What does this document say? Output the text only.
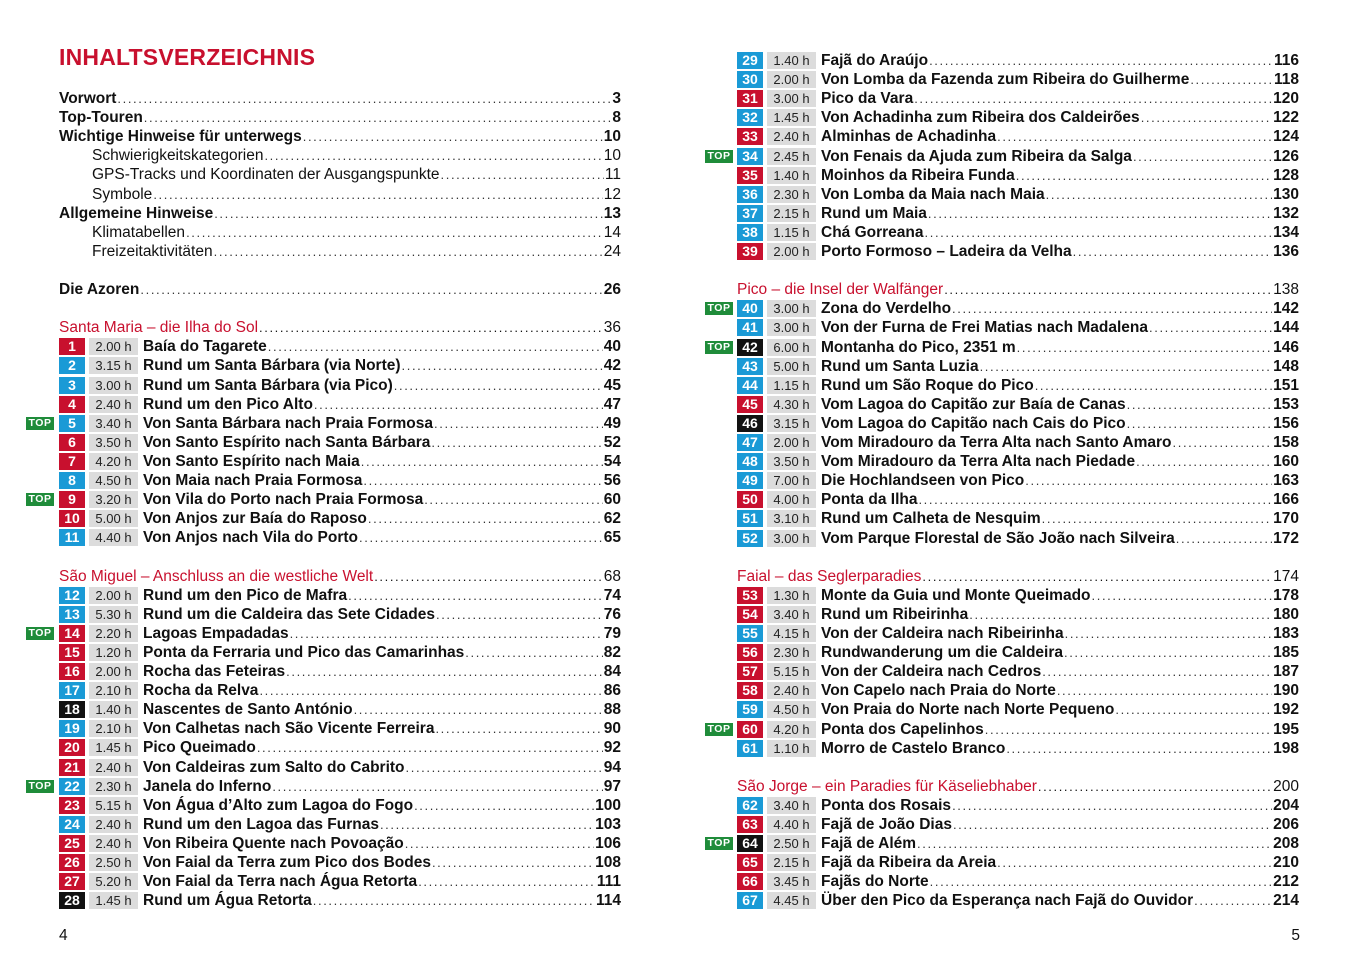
INHALTSVERZEICHNIS
Vorwort .....	3
Top-Touren .....	8
Wichtige Hinweise für unterwegs .....	10
Schwierigkeitskategorien .....	10
GPS-Tracks und Koordinaten der Ausgangspunkte .....	11
Symbole .....	12
Allgemeine Hinweise .....	13
Klimatabellen .....	14
Freizeitaktivitäten .....	24
Die Azoren .....	26
Santa Maria – die Ilha do Sol .....	36
1	2.00 h Baía do Tagarete .....	40
2	3.15 h Rund um Santa Bárbara (via Norte) .....	42
3	3.00 h Rund um Santa Bárbara (via Pico) .....	45
4	2.40 h Rund um den Pico Alto .....	47
TOP	5	3.40 h Von Santa Bárbara nach Praia Formosa .....	49
6	3.50 h Von Santo Espírito nach Santa Bárbara .....	52
7	4.20 h Von Santo Espírito nach Maia .....	54
8	4.50 h Von Maia nach Praia Formosa .....	56
TOP	9	3.20 h Von Vila do Porto nach Praia Formosa .....	60
10	5.00 h Von Anjos zur Baía do Raposo .....	62
11	4.40 h Von Anjos nach Vila do Porto .....	65
São Miguel – Anschluss an die westliche Welt .....	68
12	2.00 h Rund um den Pico de Mafra .....	74
13	5.30 h Rund um die Caldeira das Sete Cidades .....	76
TOP 14	2.20 h Lagoas Empadadas .....	79
15	1.20 h Ponta da Ferraria und Pico das Camarinhas .....	82
16	2.00 h Rocha das Feteiras .....	84
17	2.10 h Rocha da Relva .....	86
18	1.40 h Nascentes de Santo António .....	88
19	2.10 h Von Calhetas nach São Vicente Ferreira .....	90
20	1.45 h Pico Queimado .....	92
21	2.40 h Von Caldeiras zum Salto do Cabrito .....	94
TOP 22	2.30 h Janela do Inferno .....	97
23	5.15 h Von Água d’Alto zum Lagoa do Fogo .....	100
24	2.40 h Rund um den Lagoa das Furnas .....	103
25	2.40 h Von Ribeira Quente nach Povoação .....	106
26	2.50 h Von Faial da Terra zum Pico dos Bodes .....	108
27	5.20 h Von Faial da Terra nach Água Retorta .....	111
28	1.45 h Rund um Água Retorta .....	114
4
29	1.40 h Fajã do Araújo .....	116
30	2.00 h Von Lomba da Fazenda zum Ribeira do Guilherme .....	118
31	3.00 h Pico da Vara .....	120
32	1.45 h Von Achadinha zum Ribeira dos Caldeirões .....	122
33	2.40 h Alminhas de Achadinha .....	124
TOP 34	2.45 h Von Fenais da Ajuda zum Ribeira da Salga .....	126
35	1.40 h Moinhos da Ribeira Funda .....	128
36	2.30 h Von Lomba da Maia nach Maia .....	130
37	2.15 h Rund um Maia .....	132
38	1.15 h Chá Gorreana .....	134
39	2.00 h Porto Formoso – Ladeira da Velha .....	136
Pico – die Insel der Walfänger .....	138
TOP 40	3.00 h Zona do Verdelho .....	142
41	3.00 h Von der Furna de Frei Matias nach Madalena .....	144
TOP 42	6.00 h Montanha do Pico, 2351 m .....	146
43	5.00 h Rund um Santa Luzia .....	148
44	1.15 h Rund um São Roque do Pico .....	151
45	4.30 h Vom Lagoa do Capitão zur Baía de Canas .....	153
46	3.15 h Vom Lagoa do Capitão nach Cais do Pico .....	156
47	2.00 h Vom Miradouro da Terra Alta nach Santo Amaro .....	158
48	3.50 h Vom Miradouro da Terra Alta nach Piedade .....	160
49	7.00 h Die Hochlandseen von Pico .....	163
50	4.00 h Ponta da Ilha .....	166
51	3.10 h Rund um Calheta de Nesquim .....	170
52	3.00 h Vom Parque Florestal de São João nach Silveira .....	172
Faial – das Seglerparadies .....	174
53	1.30 h Monte da Guia und Monte Queimado .....	178
54	3.40 h Rund um Ribeirinha .....	180
55	4.15 h Von der Caldeira nach Ribeirinha .....	183
56	2.30 h Rundwanderung um die Caldeira .....	185
57	5.15 h Von der Caldeira nach Cedros .....	187
58	2.40 h Von Capelo nach Praia do Norte .....	190
59	4.50 h Von Praia do Norte nach Norte Pequeno .....	192
TOP 60	4.20 h Ponta dos Capelinhos .....	195
61	1.10 h Morro de Castelo Branco .....	198
São Jorge – ein Paradies für Käseliebhaber .....	200
62	3.40 h Ponta dos Rosais .....	204
63	4.40 h Fajã de João Dias .....	206
TOP 64	2.50 h Fajã de Além .....	208
65	2.15 h Fajã da Ribeira da Areia .....	210
66	3.45 h Fajãs do Norte .....	212
67	4.45 h Über den Pico da Esperança nach Fajã do Ouvidor .....	214
5
